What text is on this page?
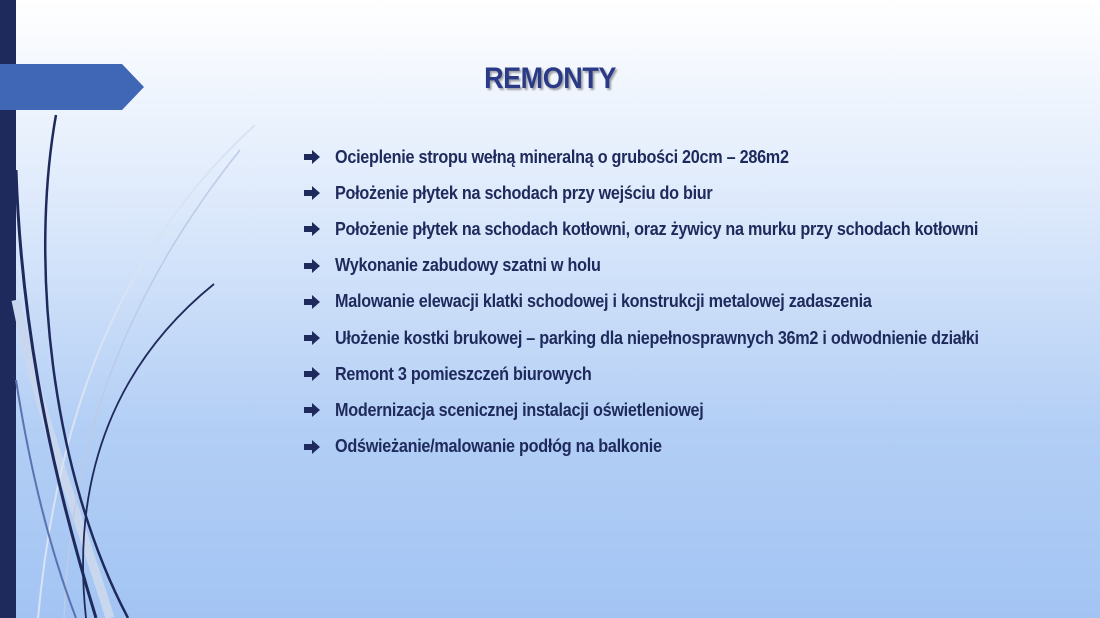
REMONTY
Ocieplenie stropu wełną mineralną o grubości 20cm – 286m2
Położenie płytek na schodach przy wejściu do biur
Położenie płytek na schodach kotłowni, oraz żywicy na murku przy schodach kotłowni
Wykonanie zabudowy szatni w holu
Malowanie elewacji klatki schodowej i konstrukcji metalowej zadaszenia
Ułożenie kostki brukowej – parking dla niepełnosprawnych 36m2 i odwodnienie działki
Remont 3 pomieszczeń biurowych
Modernizacja scenicznej instalacji oświetleniowej
Odświeżanie/malowanie podłóg na balkonie
